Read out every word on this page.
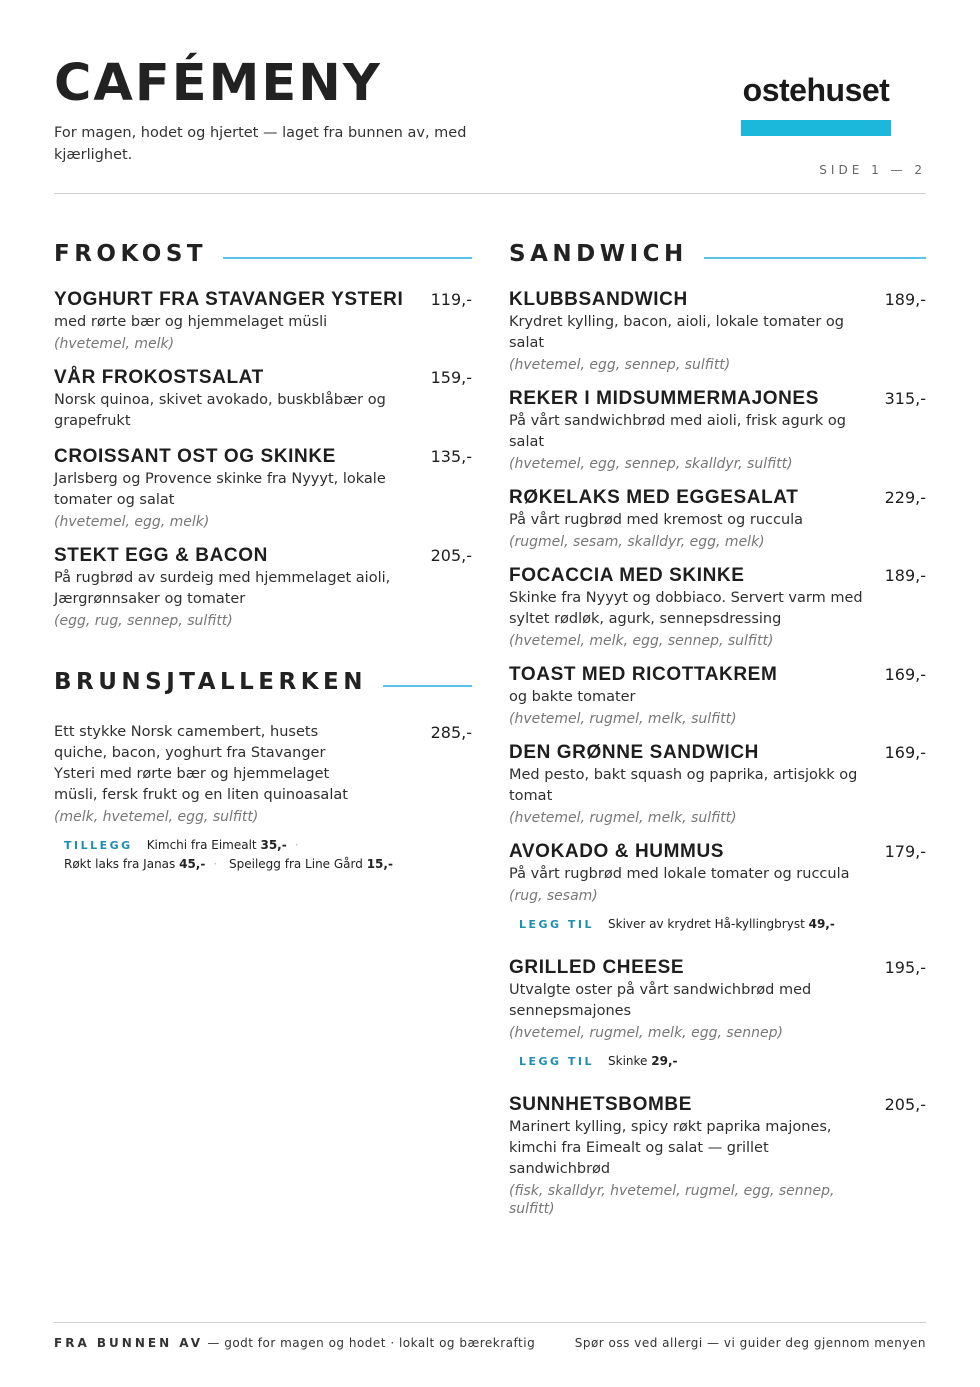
CAFÉMENY

For magen, hodet og hjertet — laget fra bunnen av, med kjærlighet.

ostehuset
SIDE 1 — 2
FROKOST
YOGHURT FRA STAVANGER YSTERI 119,-
med rørte bær og hjemmelaget müsli
(hvetemel, melk)
VÅR FROKOSTSALAT	159,-
Norsk quinoa, skivet avokado, buskblåbær og grapefrukt
CROISSANT OST OG SKINKE	135,-
Jarlsberg og Provence skinke fra Nyyyt, lokale tomater og salat
(hvetemel, egg, melk)
STEKT EGG & BACON	205,-
På rugbrød av surdeig med hjemmelaget aioli, Jærgrønnsaker og tomater
(egg, rug, sennep, sulfitt)
BRUNSJTALLERKEN
Ett stykke Norsk camembert, husets quiche, bacon, yoghurt fra Stavanger Ysteri med rørte bær og hjemmelaget müsli, fersk frukt og en liten quinoasalat
285,-
(melk, hvetemel, egg, sulfitt)
TILLEGG Kimchi fra Eimealt 35,- ·
Røkt laks fra Janas 45,- · Speilegg fra Line Gård 15,-
SANDWICH
KLUBBSANDWICH	189,-
Krydret kylling, bacon, aioli, lokale tomater og salat
(hvetemel, egg, sennep, sulfitt)
REKER I MIDSUMMERMAJONES	315,-
På vårt sandwichbrød med aioli, frisk agurk og salat
(hvetemel, egg, sennep, skalldyr, sulfitt)
RØKELAKS MED EGGESALAT	229,-
På vårt rugbrød med kremost og ruccula
(rugmel, sesam, skalldyr, egg, melk)
FOCACCIA MED SKINKE	189,-
Skinke fra Nyyyt og dobbiaco. Servert varm med syltet rødløk, agurk, sennepsdressing
(hvetemel, melk, egg, sennep, sulfitt)
TOAST MED RICOTTAKREM	169,-
og bakte tomater
(hvetemel, rugmel, melk, sulfitt)
DEN GRØNNE SANDWICH	169,-
Med pesto, bakt squash og paprika, artisjokk og tomat
(hvetemel, rugmel, melk, sulfitt)
AVOKADO & HUMMUS	179,-
På vårt rugbrød med lokale tomater og ruccula
(rug, sesam)
LEGG TIL Skiver av krydret Hå-kyllingbryst 49,-
GRILLED CHEESE	195,-
Utvalgte oster på vårt sandwichbrød med sennepsmajones
(hvetemel, rugmel, melk, egg, sennep)
LEGG TIL Skinke 29,-
SUNNHETSBOMBE	205,-
Marinert kylling, spicy røkt paprika majones, kimchi fra Eimealt og salat — grillet sandwichbrød
(fisk, skalldyr, hvetemel, rugmel, egg, sennep, sulfitt)
FRA BUNNEN AV — godt for magen og hodet · lokalt og bærekraftig	Spør oss ved allergi — vi guider deg gjennom menyen
